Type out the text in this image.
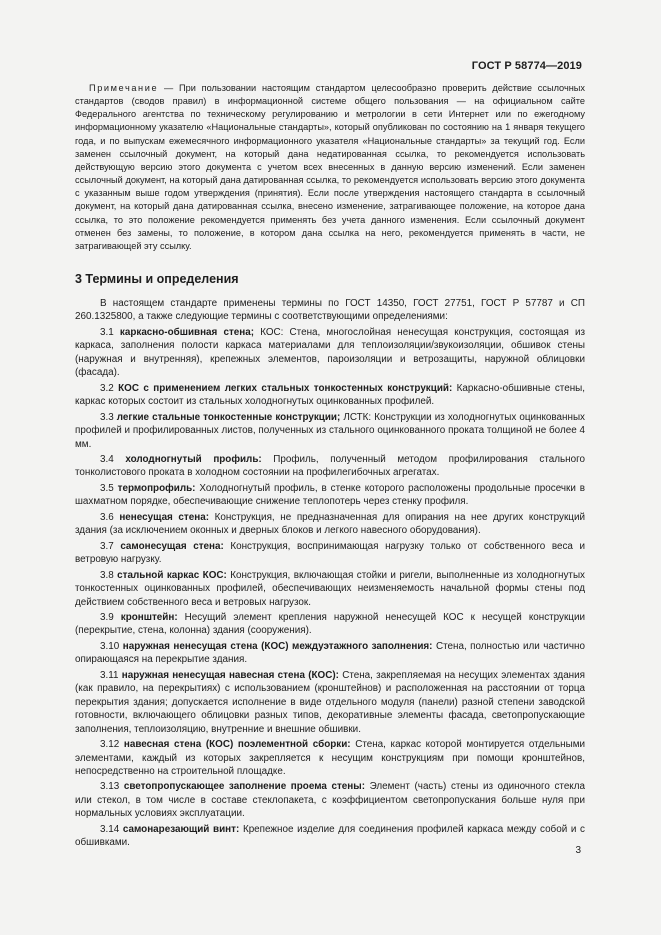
ГОСТ Р 58774—2019
Примечание — При пользовании настоящим стандартом целесообразно проверить действие ссылочных стандартов (сводов правил) в информационной системе общего пользования — на официальном сайте Федерального агентства по техническому регулированию и метрологии в сети Интернет или по ежегодному информационному указателю «Национальные стандарты», который опубликован по состоянию на 1 января текущего года, и по выпускам ежемесячного информационного указателя «Национальные стандарты» за текущий год. Если заменен ссылочный документ, на который дана недатированная ссылка, то рекомендуется использовать действующую версию этого документа с учетом всех внесенных в данную версию изменений. Если заменен ссылочный документ, на который дана датированная ссылка, то рекомендуется использовать версию этого документа с указанным выше годом утверждения (принятия). Если после утверждения настоящего стандарта в ссылочный документ, на который дана датированная ссылка, внесено изменение, затрагивающее положение, на которое дана ссылка, то это положение рекомендуется применять без учета данного изменения. Если ссылочный документ отменен без замены, то положение, в котором дана ссылка на него, рекомендуется применять в части, не затрагивающей эту ссылку.
3 Термины и определения

В настоящем стандарте применены термины по ГОСТ 14350, ГОСТ 27751, ГОСТ Р 57787 и СП 260.1325800, а также следующие термины с соответствующими определениями:

3.1 каркасно-обшивная стена; КОС: Стена, многослойная ненесущая конструкция, состоящая из каркаса, заполнения полости каркаса материалами для теплоизоляции/звукоизоляции, обшивок стены (наружная и внутренняя), крепежных элементов, пароизоляции и ветрозащиты, наружной облицовки (фасада).

3.2 КОС с применением легких стальных тонкостенных конструкций: Каркасно-обшивные стены, каркас которых состоит из стальных холодногнутых оцинкованных профилей.

3.3 легкие стальные тонкостенные конструкции; ЛСТК: Конструкции из холодногнутых оцинкованных профилей и профилированных листов, полученных из стального оцинкованного проката толщиной не более 4 мм.

3.4 холодногнутый профиль: Профиль, полученный методом профилирования стального тонколистового проката в холодном состоянии на профилегибочных агрегатах.

3.5 термопрофиль: Холодногнутый профиль, в стенке которого расположены продольные просечки в шахматном порядке, обеспечивающие снижение теплопотерь через стенку профиля.

3.6 ненесущая стена: Конструкция, не предназначенная для опирания на нее других конструкций здания (за исключением оконных и дверных блоков и легкого навесного оборудования).

3.7 самонесущая стена: Конструкция, воспринимающая нагрузку только от собственного веса и ветровую нагрузку.

3.8 стальной каркас КОС: Конструкция, включающая стойки и ригели, выполненные из холодногнутых тонкостенных оцинкованных профилей, обеспечивающих неизменяемость начальной формы стены под действием собственного веса и ветровых нагрузок.

3.9 кронштейн: Несущий элемент крепления наружной ненесущей КОС к несущей конструкции (перекрытие, стена, колонна) здания (сооружения).

3.10 наружная ненесущая стена (КОС) междуэтажного заполнения: Стена, полностью или частично опирающаяся на перекрытие здания.

3.11 наружная ненесущая навесная стена (КОС): Стена, закрепляемая на несущих элементах здания (как правило, на перекрытиях) с использованием (кронштейнов) и расположенная на расстоянии от торца перекрытия здания; допускается исполнение в виде отдельного модуля (панели) разной степени заводской готовности, включающего облицовки разных типов, декоративные элементы фасада, светопропускающие заполнения, теплоизоляцию, внутренние и внешние обшивки.

3.12 навесная стена (КОС) поэлементной сборки: Стена, каркас которой монтируется отдельными элементами, каждый из которых закрепляется к несущим конструкциям при помощи кронштейнов, непосредственно на строительной площадке.

3.13 светопропускающее заполнение проема стены: Элемент (часть) стены из одиночного стекла или стекол, в том числе в составе стеклопакета, с коэффициентом светопропускания больше нуля при нормальных условиях эксплуатации.

3.14 самонарезающий винт: Крепежное изделие для соединения профилей каркаса между собой и с обшивками.

3
